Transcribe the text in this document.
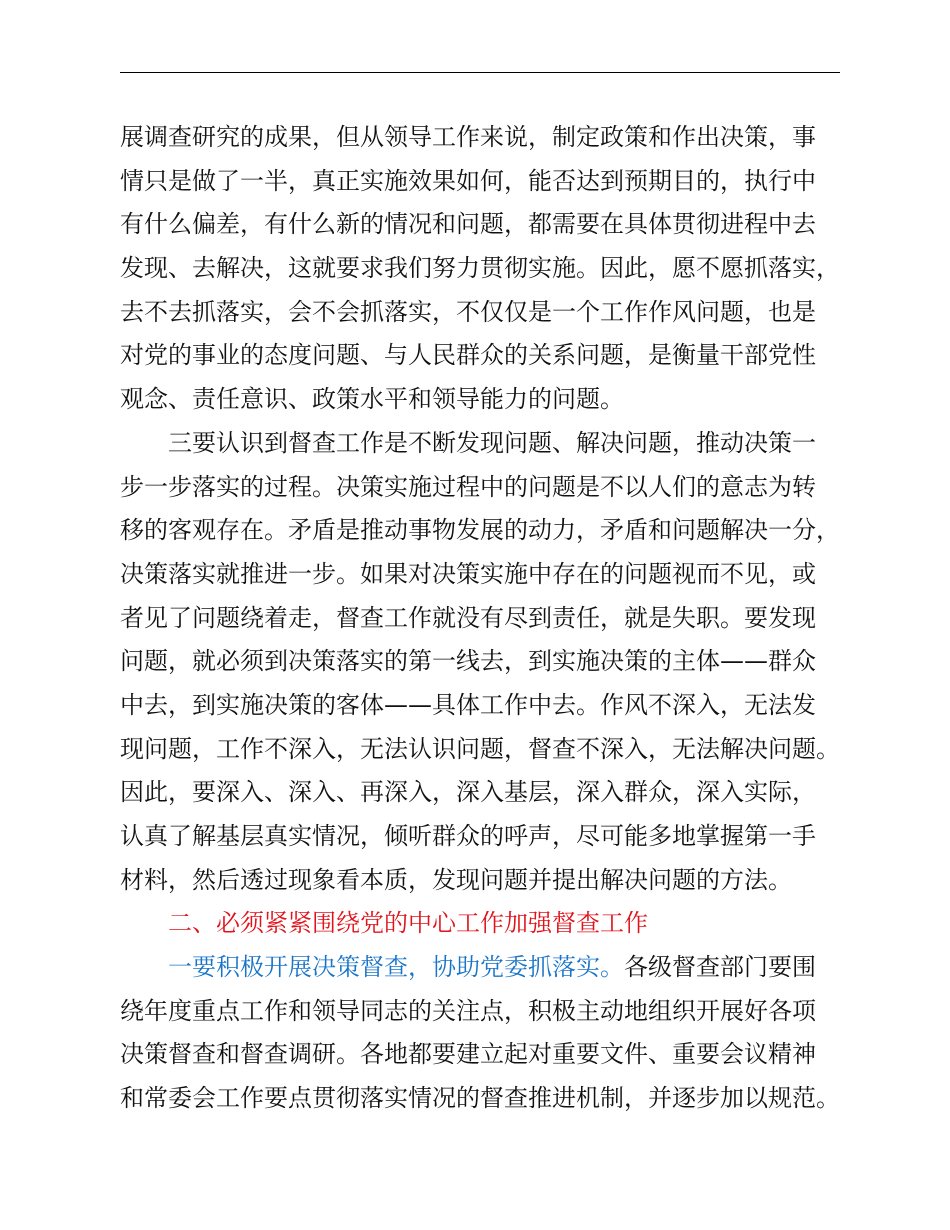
展调查研究的成果，但从领导工作来说，制定政策和作出决策，事
情只是做了一半，真正实施效果如何，能否达到预期目的，执行中
有什么偏差，有什么新的情况和问题，都需要在具体贯彻进程中去
发现、去解决，这就要求我们努力贯彻实施。因此，愿不愿抓落实，
去不去抓落实，会不会抓落实，不仅仅是一个工作作风问题，也是
对党的事业的态度问题、与人民群众的关系问题，是衡量干部党性
观念、责任意识、政策水平和领导能力的问题。
三要认识到督查工作是不断发现问题、解决问题，推动决策一
步一步落实的过程。决策实施过程中的问题是不以人们的意志为转
移的客观存在。矛盾是推动事物发展的动力，矛盾和问题解决一分，
决策落实就推进一步。如果对决策实施中存在的问题视而不见，或
者见了问题绕着走，督查工作就没有尽到责任，就是失职。要发现
问题，就必须到决策落实的第一线去，到实施决策的主体——群众
中去，到实施决策的客体——具体工作中去。作风不深入，无法发
现问题，工作不深入，无法认识问题，督查不深入，无法解决问题。
因此，要深入、深入、再深入，深入基层，深入群众，深入实际，
认真了解基层真实情况，倾听群众的呼声，尽可能多地掌握第一手
材料，然后透过现象看本质，发现问题并提出解决问题的方法。
二、必须紧紧围绕党的中心工作加强督查工作
一要积极开展决策督查，协助党委抓落实。各级督查部门要围
绕年度重点工作和领导同志的关注点，积极主动地组织开展好各项
决策督查和督查调研。各地都要建立起对重要文件、重要会议精神
和常委会工作要点贯彻落实情况的督查推进机制，并逐步加以规范。
